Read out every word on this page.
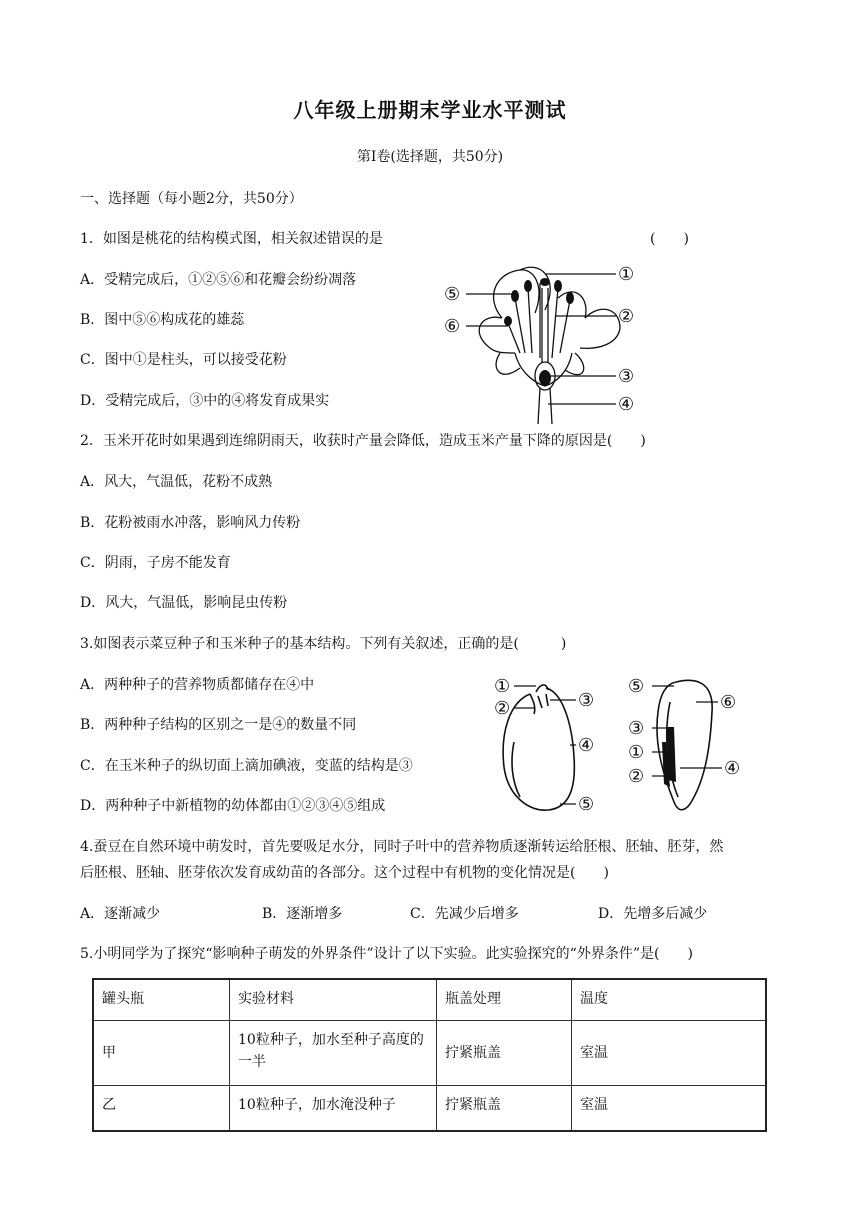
八年级上册期末学业水平测试
第Ⅰ卷(选择题，共50分)
一、选择题（每小题2分，共50分）
1．如图是桃花的结构模式图，相关叙述错误的是	(　　)
A．受精完成后，①②⑤⑥和花瓣会纷纷凋落
B．图中⑤⑥构成花的雄蕊
C．图中①是柱头，可以接受花粉
D．受精完成后，③中的④将发育成果实
①
②
③
④
⑤
⑥
2．玉米开花时如果遇到连绵阴雨天，收获时产量会降低，造成玉米产量下降的原因是(　　)
A．风大，气温低，花粉不成熟
B．花粉被雨水冲落，影响风力传粉
C．阴雨，子房不能发育
D．风大，气温低，影响昆虫传粉
3.如图表示菜豆种子和玉米种子的基本结构。下列有关叙述，正确的是(　　　)
A．两种种子的营养物质都储存在④中
B．两种种子结构的区别之一是④的数量不同
C．在玉米种子的纵切面上滴加碘液，变蓝的结构是③
D．两种种子中新植物的幼体都由①②③④⑤组成
①
②	③
④
⑤
⑤
⑥
③
①
②	④
4.蚕豆在自然环境中萌发时，首先要吸足水分，同时子叶中的营养物质逐渐转运给胚根、胚轴、胚芽，然
后胚根、胚轴、胚芽依次发育成幼苗的各部分。这个过程中有机物的变化情况是(　　)
A．逐渐减少	B．逐渐增多	C．先减少后增多	D．先增多后减少
5.小明同学为了探究“影响种子萌发的外界条件”设计了以下实验。此实验探究的“外界条件”是(　　)
罐头瓶	实验材料	瓶盖处理	温度
甲	10粒种子，加水至种子高度的一半	拧紧瓶盖	室温
乙	10粒种子，加水淹没种子	拧紧瓶盖	室温
